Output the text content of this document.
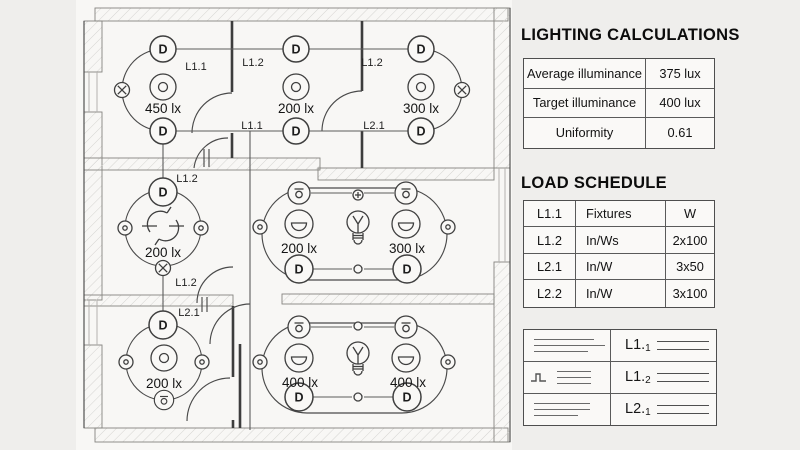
D	D	D
D	D	D
D
D	D
D
D	D
450 lx	200 lx	300 lx
200 lx	200 lx	300 lx
200 lx	400 lx	400 lx
L1.1	L1.2	L1.2
L1.1	L2.1
L1.2
L1.2
L2.1
LIGHTING CALCULATIONS
Average illuminance	375 lux
Target illuminance	400 lux
Uniformity	0.61
LOAD SCHEDULE
L1.1	Fixtures	W
L1.2	In/Ws	2x100
L2.1	In/W	3x50
L2.2	In/W	3x100
L1.1
L1.2
L2.1
